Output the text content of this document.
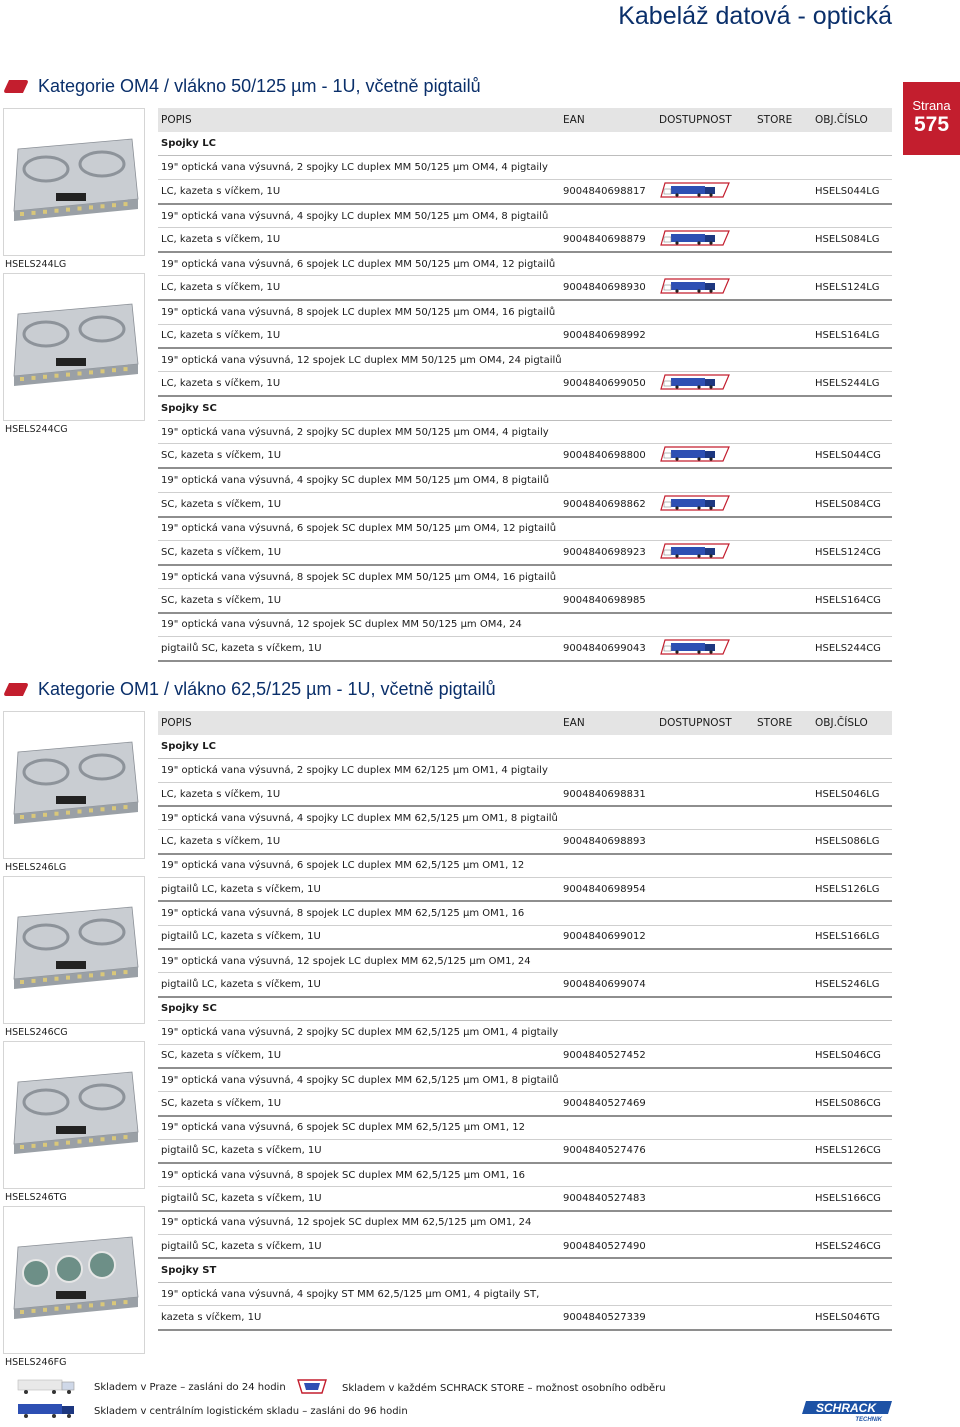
Kabeláž datová - optická
Strana
575
Kategorie OM4 / vlákno 50/125 µm - 1U, včetně pigtailů
HSELS244LG
HSELS244CG
POPIS	EAN	DOSTUPNOST	STORE	OBJ.ČÍSLO
Spojky LC				
19" optická vana výsuvná, 2 spojky LC duplex MM 50/125 µm OM4, 4 pigtaily				
LC, kazeta s víčkem, 1U	9004840698817			HSELS044LG
19" optická vana výsuvná, 4 spojky LC duplex MM 50/125 µm OM4, 8 pigtailů				
LC, kazeta s víčkem, 1U	9004840698879			HSELS084LG
19" optická vana výsuvná, 6 spojek LC duplex MM 50/125 µm OM4, 12 pigtailů				
LC, kazeta s víčkem, 1U	9004840698930			HSELS124LG
19" optická vana výsuvná, 8 spojek LC duplex MM 50/125 µm OM4, 16 pigtailů				
LC, kazeta s víčkem, 1U	9004840698992			HSELS164LG
19" optická vana výsuvná, 12 spojek LC duplex MM 50/125 µm OM4, 24 pigtailů				
LC, kazeta s víčkem, 1U	9004840699050			HSELS244LG
Spojky SC				
19" optická vana výsuvná, 2 spojky SC duplex MM 50/125 µm OM4, 4 pigtaily				
SC, kazeta s víčkem, 1U	9004840698800			HSELS044CG
19" optická vana výsuvná, 4 spojky SC duplex MM 50/125 µm OM4, 8 pigtailů				
SC, kazeta s víčkem, 1U	9004840698862			HSELS084CG
19" optická vana výsuvná, 6 spojek SC duplex MM 50/125 µm OM4, 12 pigtailů				
SC, kazeta s víčkem, 1U	9004840698923			HSELS124CG
19" optická vana výsuvná, 8 spojek SC duplex MM 50/125 µm OM4, 16 pigtailů				
SC, kazeta s víčkem, 1U	9004840698985			HSELS164CG
19" optická vana výsuvná, 12 spojek SC duplex MM 50/125 µm OM4, 24				
pigtailů SC, kazeta s víčkem, 1U	9004840699043			HSELS244CG
Kategorie OM1 / vlákno 62,5/125 µm - 1U, včetně pigtailů
HSELS246LG
HSELS246CG
HSELS246TG
HSELS246FG
POPIS	EAN	DOSTUPNOST	STORE	OBJ.ČÍSLO
Spojky LC				
19" optická vana výsuvná, 2 spojky LC duplex MM 62/125 µm OM1, 4 pigtaily				
LC, kazeta s víčkem, 1U	9004840698831			HSELS046LG
19" optická vana výsuvná, 4 spojky LC duplex MM 62,5/125 µm OM1, 8 pigtailů				
LC, kazeta s víčkem, 1U	9004840698893			HSELS086LG
19" optická vana výsuvná, 6 spojek LC duplex MM 62,5/125 µm OM1, 12				
pigtailů LC, kazeta s víčkem, 1U	9004840698954			HSELS126LG
19" optická vana výsuvná, 8 spojek LC duplex MM 62,5/125 µm OM1, 16				
pigtailů LC, kazeta s víčkem, 1U	9004840699012			HSELS166LG
19" optická vana výsuvná, 12 spojek LC duplex MM 62,5/125 µm OM1, 24				
pigtailů LC, kazeta s víčkem, 1U	9004840699074			HSELS246LG
Spojky SC				
19" optická vana výsuvná, 2 spojky SC duplex MM 62,5/125 µm OM1, 4 pigtaily				
SC, kazeta s víčkem, 1U	9004840527452			HSELS046CG
19" optická vana výsuvná, 4 spojky SC duplex MM 62,5/125 µm OM1, 8 pigtailů				
SC, kazeta s víčkem, 1U	9004840527469			HSELS086CG
19" optická vana výsuvná, 6 spojek SC duplex MM 62,5/125 µm OM1, 12				
pigtailů SC, kazeta s víčkem, 1U	9004840527476			HSELS126CG
19" optická vana výsuvná, 8 spojek SC duplex MM 62,5/125 µm OM1, 16				
pigtailů SC, kazeta s víčkem, 1U	9004840527483			HSELS166CG
19" optická vana výsuvná, 12 spojek SC duplex MM 62,5/125 µm OM1, 24				
pigtailů SC, kazeta s víčkem, 1U	9004840527490			HSELS246CG
Spojky ST				
19" optická vana výsuvná, 4 spojky ST MM 62,5/125 µm OM1, 4 pigtaily ST,				
kazeta s víčkem, 1U	9004840527339			HSELS046TG
Skladem v Praze – zasláni do 24 hodin	Skladem v každém SCHRACK STORE – možnost osobního odběru
Skladem v centrálním logistickém skladu – zasláni do 96 hodin	SCHRACK
TECHNIK
